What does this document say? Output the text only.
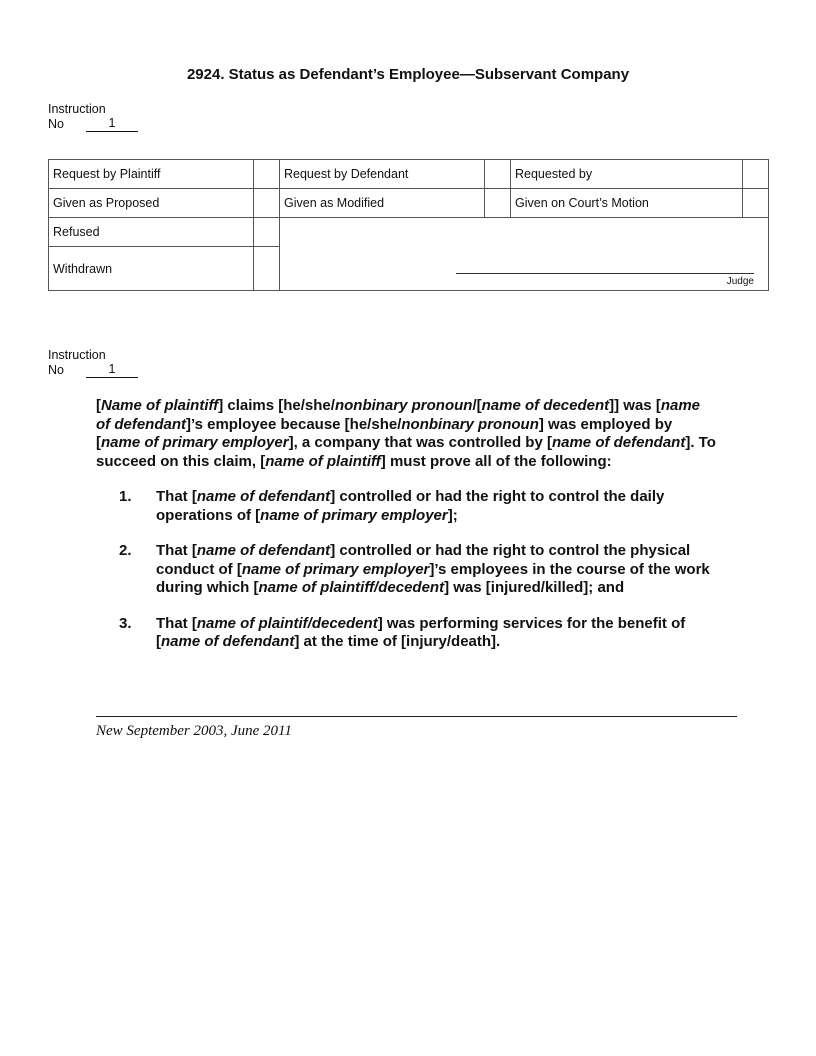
2924. Status as Defendant’s Employee—Subservant Company
Instruction
No	1
Request by Plaintiff		Request by Defendant		Requested by	
Given as Proposed		Given as Modified		Given on Court’s Motion	
Refused		Judge			

Withdrawn					
Instruction
No	1

[Name of plaintiff] claims [he/she/nonbinary pronoun/[name of decedent]] was [name of defendant]’s employee because [he/she/nonbinary pronoun] was employed by [name of primary employer], a company that was controlled by [name of defendant]. To succeed on this claim, [name of plaintiff] must prove all of the following:

1.	That [name of defendant] controlled or had the right to control the daily operations of [name of primary employer];
2.	That [name of defendant] controlled or had the right to control the physical conduct of [name of primary employer]’s employees in the course of the work during which [name of plaintiff/decedent] was [injured/killed]; and
3.	That [name of plaintif/decedent] was performing services for the benefit of [name of defendant] at the time of [injury/death].
New September 2003, June 2011
